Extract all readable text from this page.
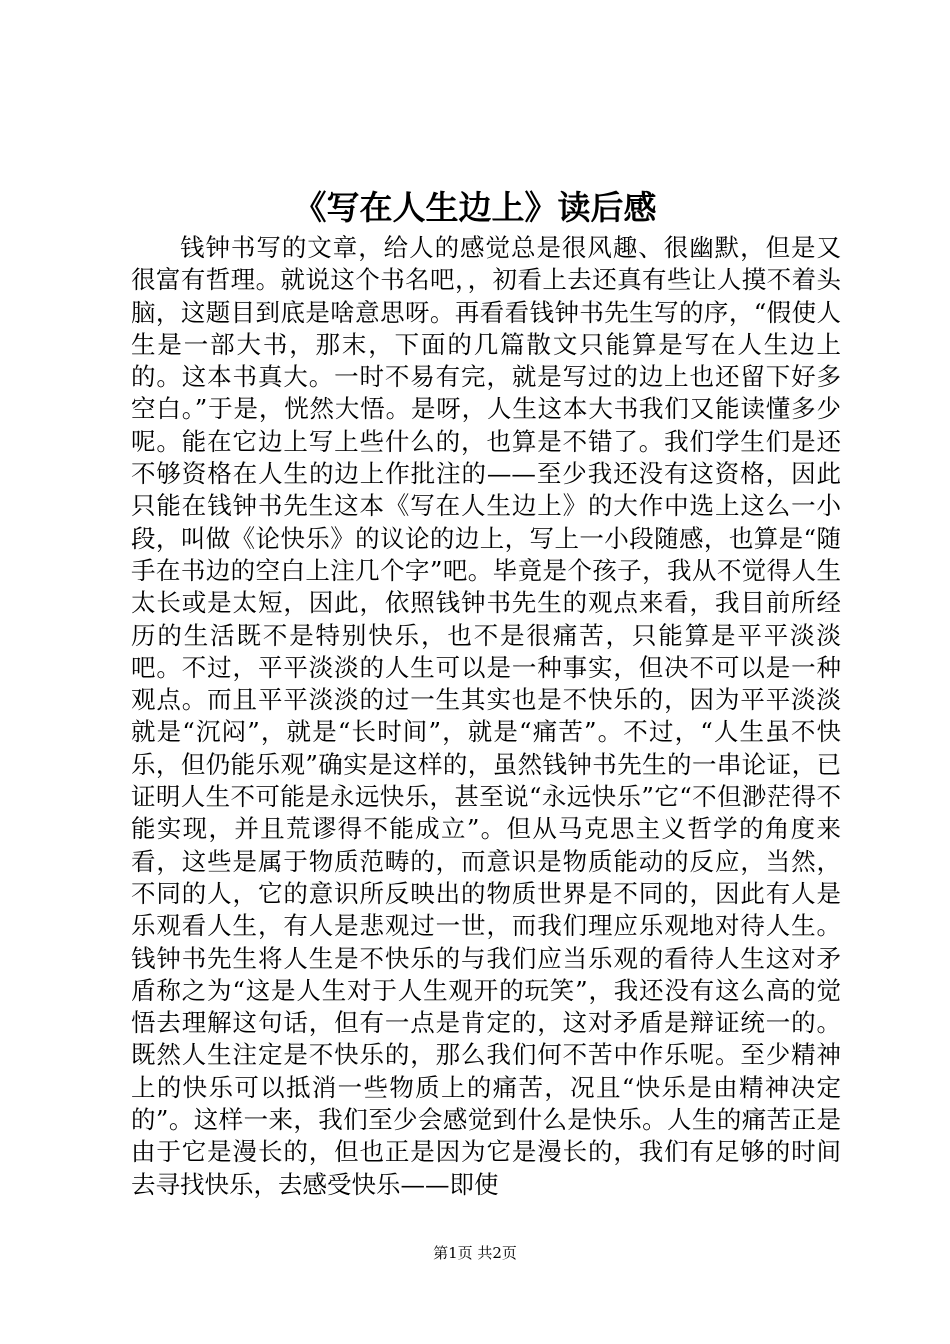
《写在人生边上》读后感

钱钟书写的文章，给人的感觉总是很风趣、很幽默，但是又很富有哲理。就说这个书名吧，，初看上去还真有些让人摸不着头脑，这题目到底是啥意思呀。再看看钱钟书先生写的序，“假使人生是一部大书，那末，下面的几篇散文只能算是写在人生边上的。这本书真大。一时不易有完，就是写过的边上也还留下好多空白。”于是，恍然大悟。是呀，人生这本大书我们又能读懂多少呢。能在它边上写上些什么的，也算是不错了。我们学生们是还不够资格在人生的边上作批注的——至少我还没有这资格，因此只能在钱钟书先生这本《写在人生边上》的大作中选上这么一小段，叫做《论快乐》的议论的边上，写上一小段随感，也算是“随手在书边的空白上注几个字”吧。毕竟是个孩子，我从不觉得人生太长或是太短，因此，依照钱钟书先生的观点来看，我目前所经历的生活既不是特别快乐，也不是很痛苦，只能算是平平淡淡吧。不过，平平淡淡的人生可以是一种事实，但决不可以是一种观点。而且平平淡淡的过一生其实也是不快乐的，因为平平淡淡就是“沉闷”，就是“长时间”，就是“痛苦”。不过，“人生虽不快乐，但仍能乐观”确实是这样的，虽然钱钟书先生的一串论证，已证明人生不可能是永远快乐，甚至说“永远快乐”它“不但渺茫得不能实现，并且荒谬得不能成立”。但从马克思主义哲学的角度来看，这些是属于物质范畴的，而意识是物质能动的反应，当然，不同的人，它的意识所反映出的物质世界是不同的，因此有人是乐观看人生，有人是悲观过一世，而我们理应乐观地对待人生。钱钟书先生将人生是不快乐的与我们应当乐观的看待人生这对矛盾称之为“这是人生对于人生观开的玩笑”，我还没有这么高的觉悟去理解这句话，但有一点是肯定的，这对矛盾是辩证统一的。既然人生注定是不快乐的，那么我们何不苦中作乐呢。至少精神上的快乐可以抵消一些物质上的痛苦，况且“快乐是由精神决定的”。这样一来，我们至少会感觉到什么是快乐。人生的痛苦正是由于它是漫长的，但也正是因为它是漫长的，我们有足够的时间去寻找快乐，去感受快乐——即使

第1页 共2页
